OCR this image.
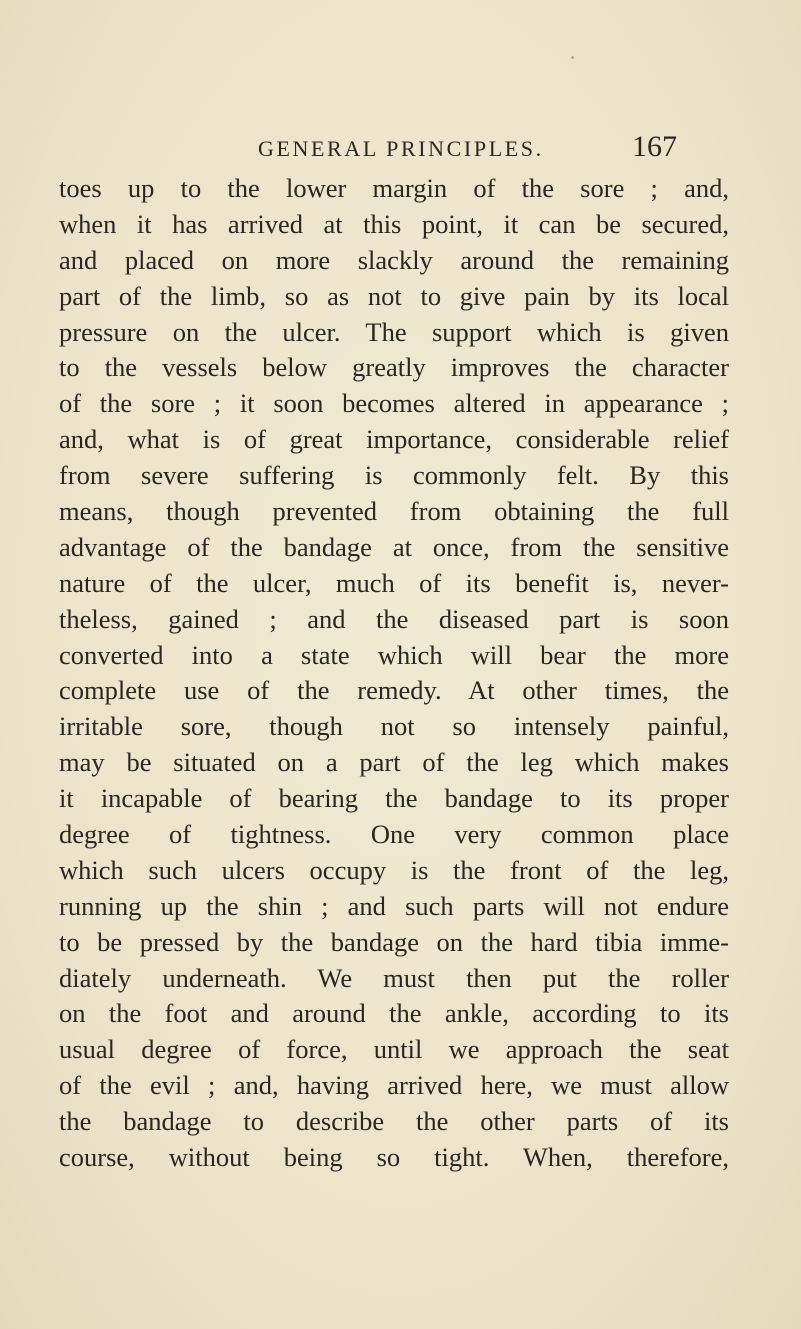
GENERAL PRINCIPLES.	167
toes up to the lower margin of the sore ; and,
when it has arrived at this point, it can be secured,
and placed on more slackly around the remaining
part of the limb, so as not to give pain by its local
pressure on the ulcer. The support which is given
to the vessels below greatly improves the character
of the sore ; it soon becomes altered in appearance ;
and, what is of great importance, considerable relief
from severe suffering is commonly felt. By this
means, though prevented from obtaining the full
advantage of the bandage at once, from the sensitive
nature of the ulcer, much of its benefit is, never-
theless, gained ; and the diseased part is soon
converted into a state which will bear the more
complete use of the remedy. At other times, the
irritable sore, though not so intensely painful,
may be situated on a part of the leg which makes
it incapable of bearing the bandage to its proper
degree of tightness. One very common place
which such ulcers occupy is the front of the leg,
running up the shin ; and such parts will not endure
to be pressed by the bandage on the hard tibia imme-
diately underneath. We must then put the roller
on the foot and around the ankle, according to its
usual degree of force, until we approach the seat
of the evil ; and, having arrived here, we must allow
the bandage to describe the other parts of its
course, without being so tight. When, therefore,
